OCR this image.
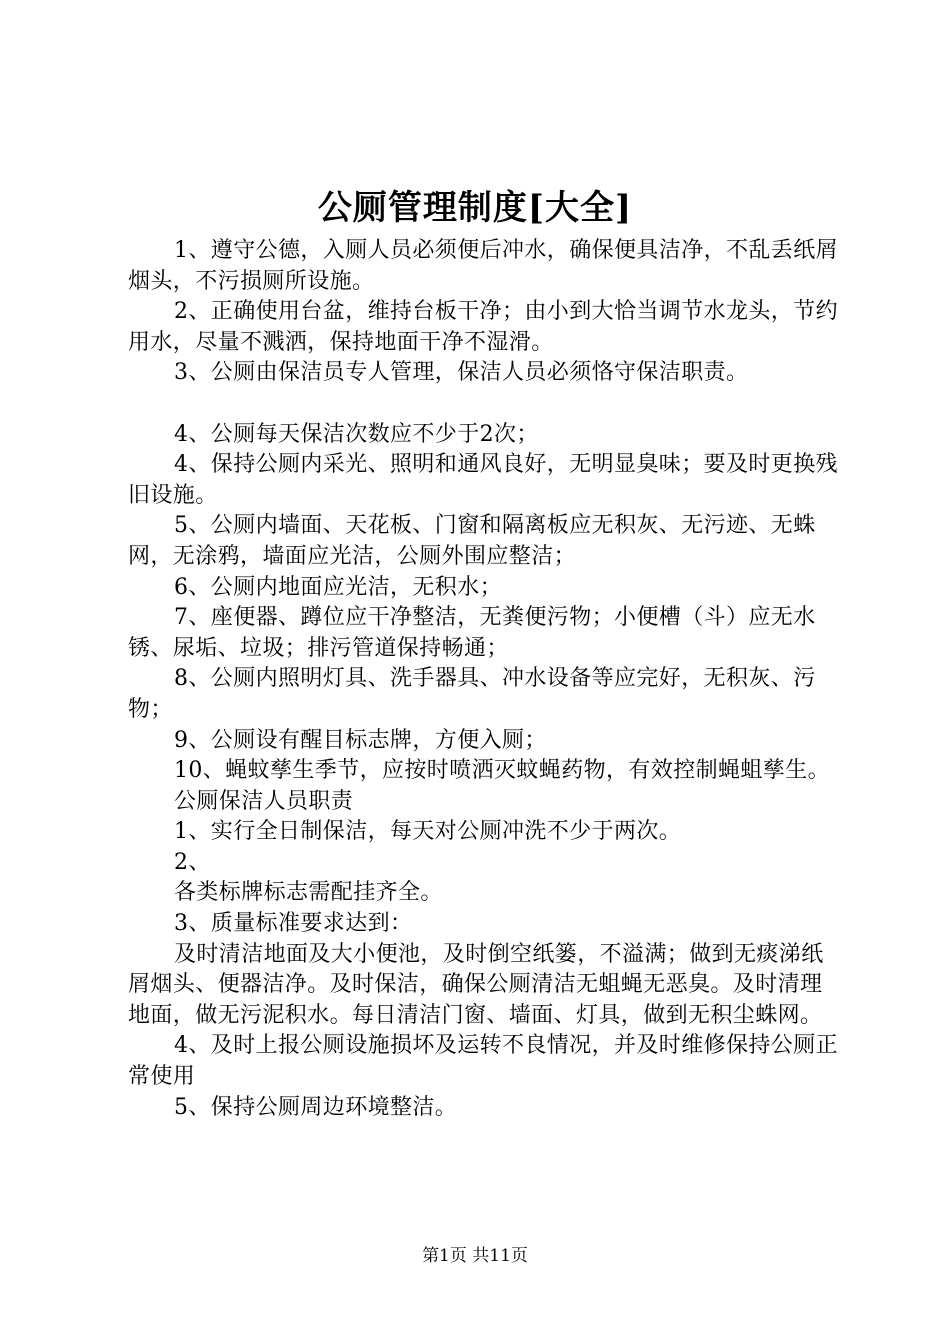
公厕管理制度[大全]

1、遵守公德，入厕人员必须便后冲水，确保便具洁净，不乱丢纸屑烟头，不污损厕所设施。

2、正确使用台盆，维持台板干净；由小到大恰当调节水龙头，节约用水，尽量不溅洒，保持地面干净不湿滑。

3、公厕由保洁员专人管理，保洁人员必须恪守保洁职责。

4、公厕每天保洁次数应不少于2次；

4、保持公厕内采光、照明和通风良好，无明显臭味；要及时更换残旧设施。

5、公厕内墙面、天花板、门窗和隔离板应无积灰、无污迹、无蛛网，无涂鸦，墙面应光洁，公厕外围应整洁；

6、公厕内地面应光洁，无积水；

7、座便器、蹲位应干净整洁，无粪便污物；小便槽（斗）应无水锈、尿垢、垃圾；排污管道保持畅通；

8、公厕内照明灯具、洗手器具、冲水设备等应完好，无积灰、污物；

9、公厕设有醒目标志牌，方便入厕；

10、蝇蚊孳生季节，应按时喷洒灭蚊蝇药物，有效控制蝇蛆孳生。

公厕保洁人员职责

1、实行全日制保洁，每天对公厕冲洗不少于两次。

2、

各类标牌标志需配挂齐全。

3、质量标准要求达到：

及时清洁地面及大小便池，及时倒空纸篓，不溢满；做到无痰涕纸屑烟头、便器洁净。及时保洁，确保公厕清洁无蛆蝇无恶臭。及时清理地面，做无污泥积水。每日清洁门窗、墙面、灯具，做到无积尘蛛网。

4、及时上报公厕设施损坏及运转不良情况，并及时维修保持公厕正常使用

5、保持公厕周边环境整洁。

第1页 共11页
